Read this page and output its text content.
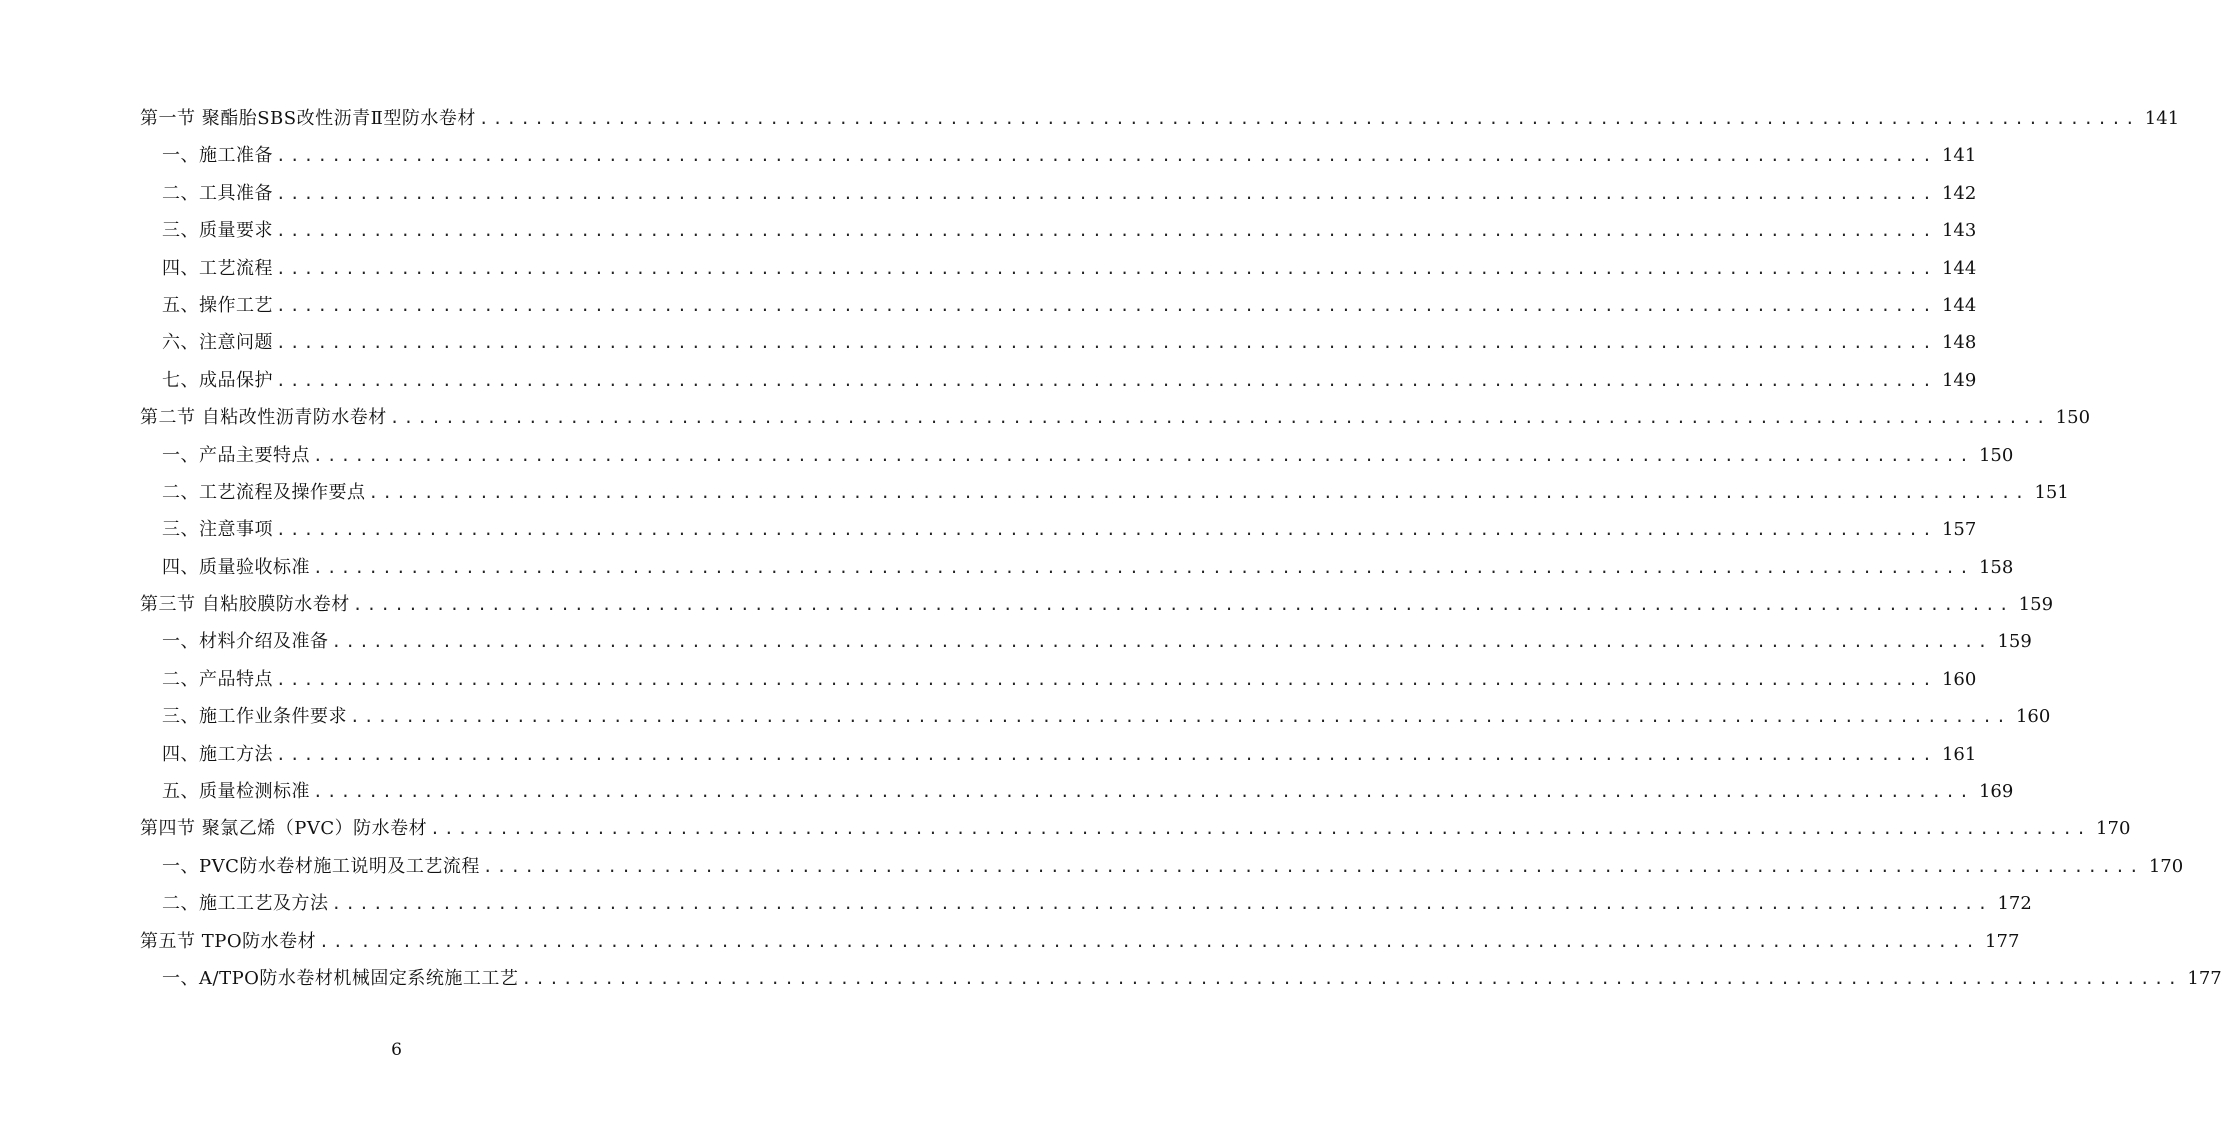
第一节 聚酯胎SBS改性沥青Ⅱ型防水卷材 ........................................................................................................................ 141
一、施工准备 ........................................................................................................................ 141
二、工具准备 ........................................................................................................................ 142
三、质量要求 ........................................................................................................................ 143
四、工艺流程 ........................................................................................................................ 144
五、操作工艺 ........................................................................................................................ 144
六、注意问题 ........................................................................................................................ 148
七、成品保护 ........................................................................................................................ 149
第二节 自粘改性沥青防水卷材 ........................................................................................................................ 150
一、产品主要特点 ........................................................................................................................ 150
二、工艺流程及操作要点 ........................................................................................................................ 151
三、注意事项 ........................................................................................................................ 157
四、质量验收标准 ........................................................................................................................ 158
第三节 自粘胶膜防水卷材 ........................................................................................................................ 159
一、材料介绍及准备 ........................................................................................................................ 159
二、产品特点 ........................................................................................................................ 160
三、施工作业条件要求 ........................................................................................................................ 160
四、施工方法 ........................................................................................................................ 161
五、质量检测标准 ........................................................................................................................ 169
第四节 聚氯乙烯（PVC）防水卷材 ........................................................................................................................ 170
一、PVC防水卷材施工说明及工艺流程 ........................................................................................................................ 170
二、施工工艺及方法 ........................................................................................................................ 172
第五节 TPO防水卷材 ........................................................................................................................ 177
一、A/TPO防水卷材机械固定系统施工工艺 ........................................................................................................................ 177
6
